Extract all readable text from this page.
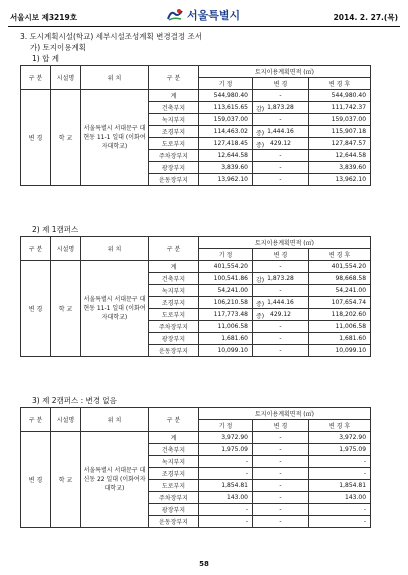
서울시보 제3219호	서울특별시	2014. 2. 27.(목)
3. 도시계획시설(학교) 세부시설조성계획 변경결정 조서
가) 토지이용계획
1) 합 계
구 분	시설명	위 치	구 분	토지이용계획면적 (㎡)	
				기 정	변 경	변 경 후	
변 경	학 교	서울특별시 서대문구 대현동 11-1 일대 (이화여자대학교)	계	544,980.40	-	544,980.40	
			건축부지	113,615.65	감) 1,873.28	111,742.37	
			녹지부지	159,037.00	-	159,037.00	
			조경부지	114,463.02	증) 1,444.16	115,907.18	
			도로부지	127,418.45	증) 429.12	127,847.57	
			주차장부지	12,644.58	-	12,644.58	
			광장부지	3,839.60	-	3,839.60	
			운동장부지	13,962.10	-	13,962.10	
2) 제 1캠퍼스
구 분	시설명	위 치	구 분	토지이용계획면적 (㎡)	
				기 정	변 경	변 경 후	
변 경	학 교	서울특별시 서대문구 대현동 11-1 일대 (이화여자대학교)	계	401,554.20	-	401,554.20	
			건축부지	100,541.86	감) 1,873.28	98,668.58	
			녹지부지	54,241.00	-	54,241.00	
			조경부지	106,210.58	증) 1,444.16	107,654.74	
			도로부지	117,773.48	증) 429.12	118,202.60	
			주차장부지	11,006.58	-	11,006.58	
			광장부지	1,681.60	-	1,681.60	
			운동장부지	10,099.10	-	10,099.10	
3) 제 2캠퍼스 : 변경 없음
구 분	시설명	위 치	구 분	토지이용계획면적 (㎡)	
				기 정	변 경	변 경 후	
변 경	학 교	서울특별시 서대문구 대신동 22 일대 (이화여자대학교)	계	3,972.90	-	3,972.90	
			건축부지	1,975.09	-	1,975.09	
			녹지부지	-	-	-	
			조경부지	-	-	-	
			도로부지	1,854.81	-	1,854.81	
			주차장부지	143.00	-	143.00	
			광장부지	-	-	-	
			운동장부지	-	-	-	
58
